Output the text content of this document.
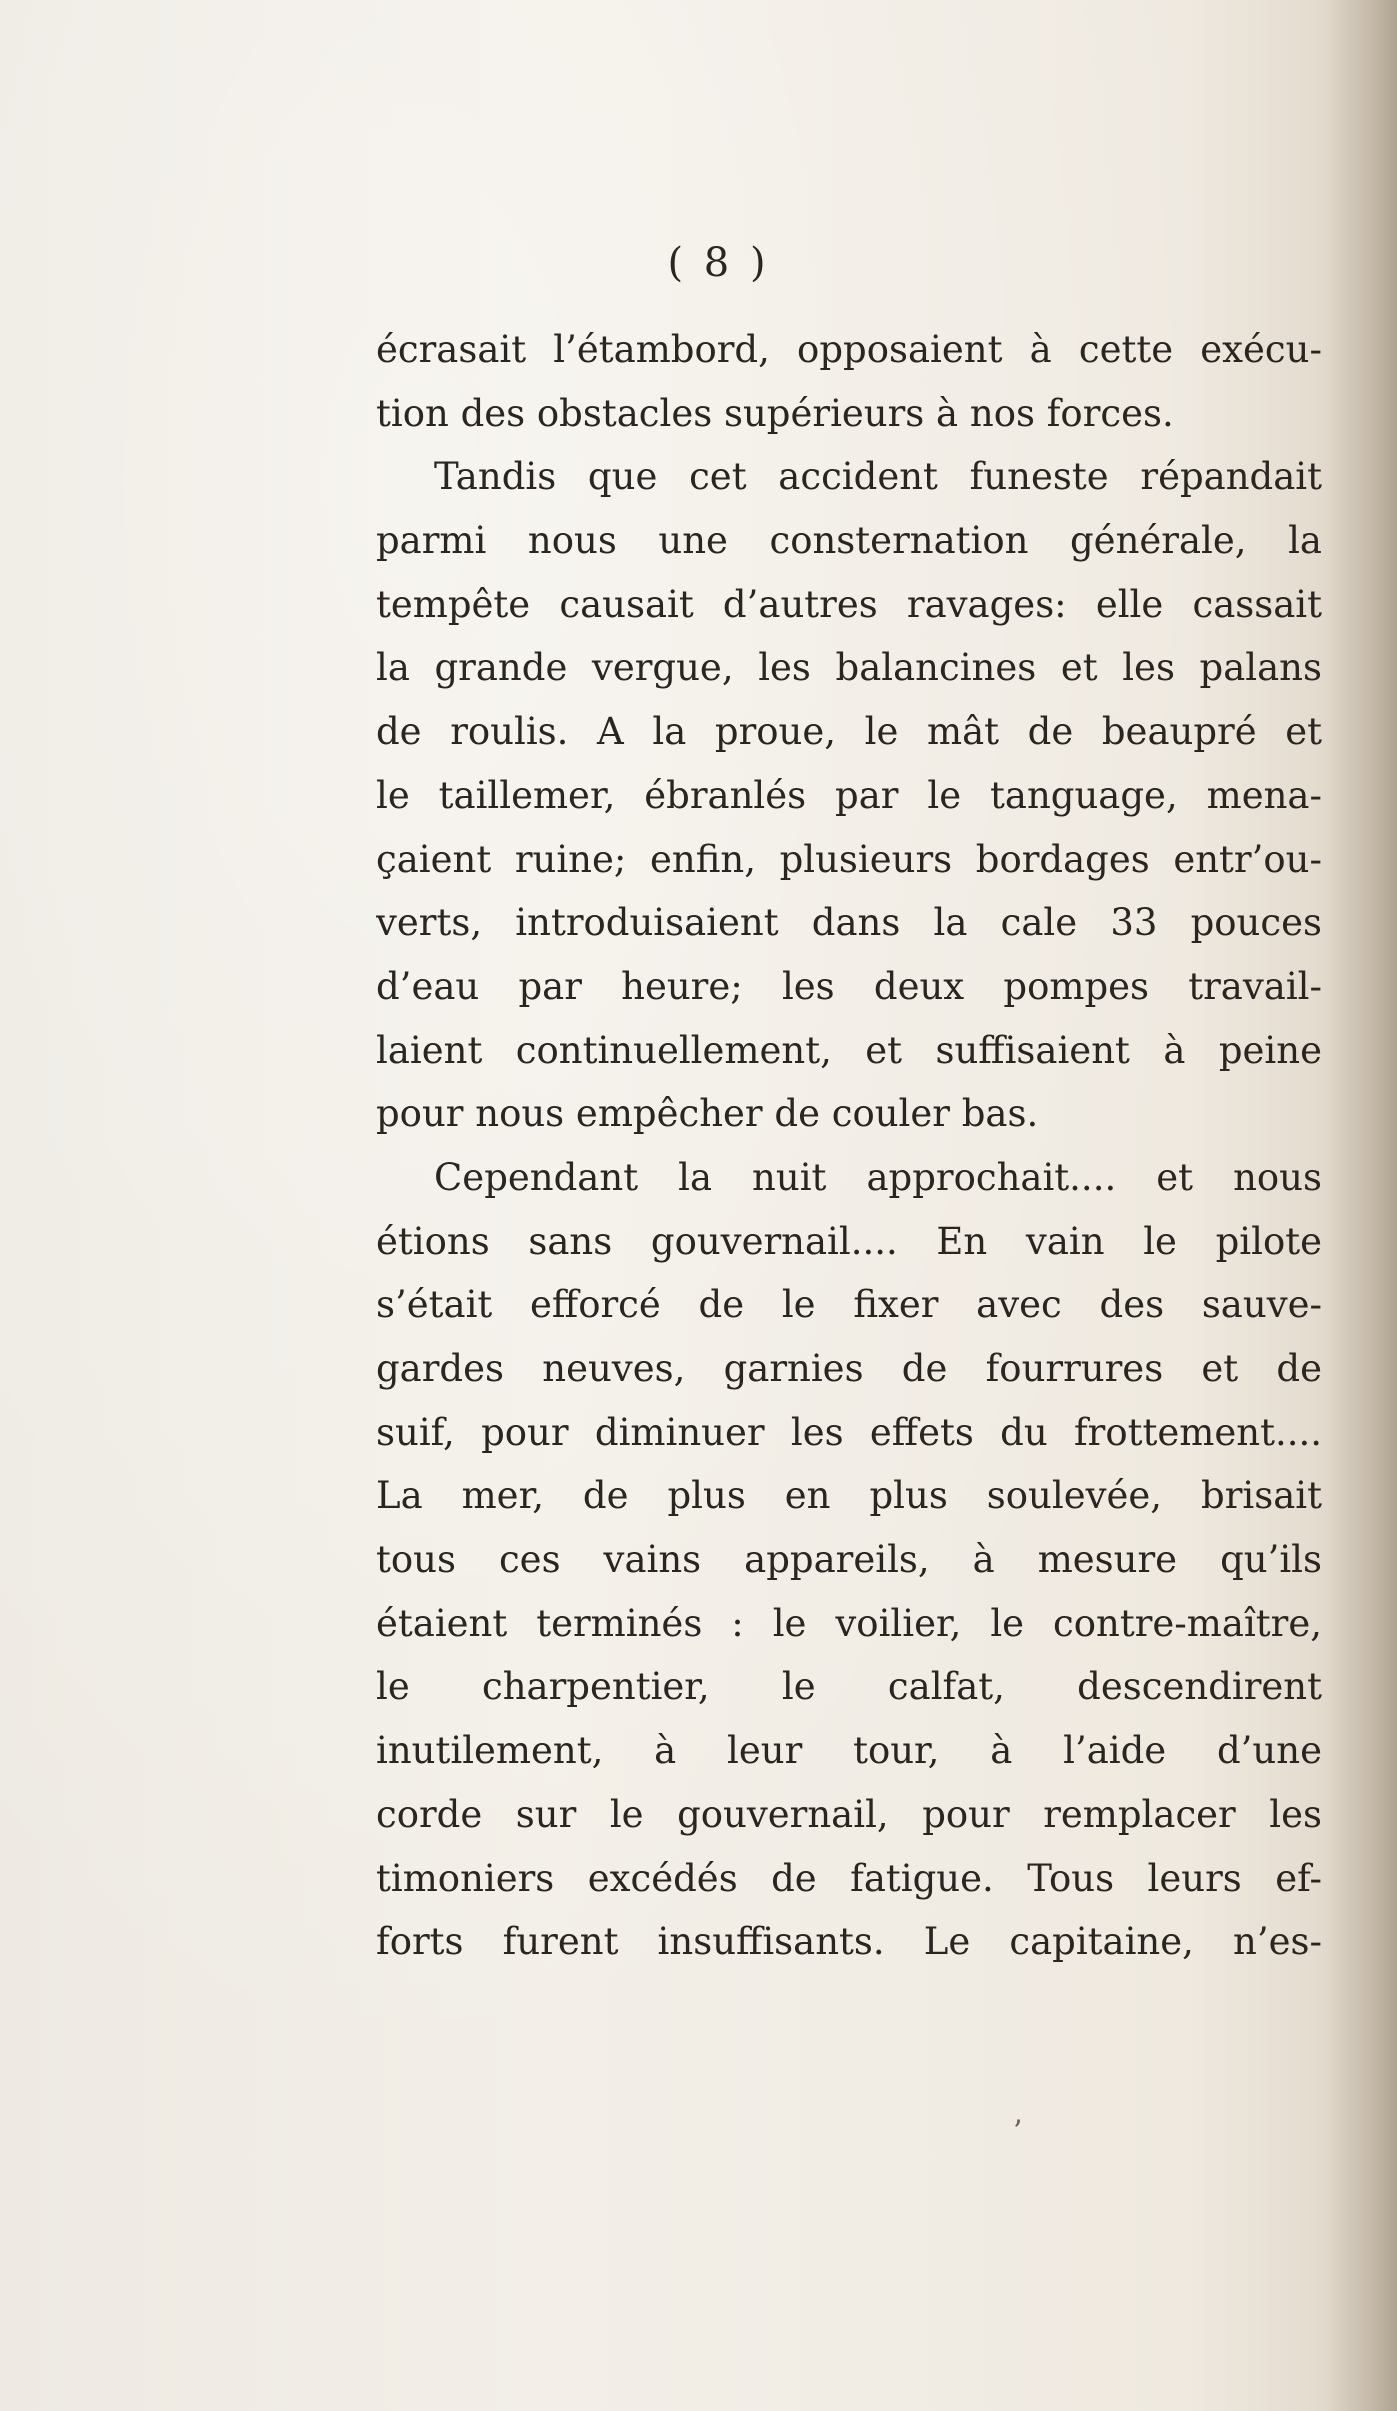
( 8 )
écrasait l’étambord, opposaient à cette exécu-
tion des obstacles supérieurs à nos forces.
Tandis que cet accident funeste répandait
parmi nous une consternation générale, la
tempête causait d’autres ravages: elle cassait
la grande vergue, les balancines et les palans
de roulis. A la proue, le mât de beaupré et
le taillemer, ébranlés par le tanguage, mena-
çaient ruine; enfin, plusieurs bordages entr’ou-
verts, introduisaient dans la cale 33 pouces
d’eau par heure; les deux pompes travail-
laient continuellement, et suffisaient à peine
pour nous empêcher de couler bas.
Cependant la nuit approchait.... et nous
étions sans gouvernail.... En vain le pilote
s’était efforcé de le fixer avec des sauve-
gardes neuves, garnies de fourrures et de
suif, pour diminuer les effets du frottement....
La mer, de plus en plus soulevée, brisait
tous ces vains appareils, à mesure qu’ils
étaient terminés : le voilier, le contre-maître,
le charpentier, le calfat, descendirent
inutilement, à leur tour, à l’aide d’une
corde sur le gouvernail, pour remplacer les
timoniers excédés de fatigue. Tous leurs ef-
forts furent insuffisants. Le capitaine, n’es-
ʼ
